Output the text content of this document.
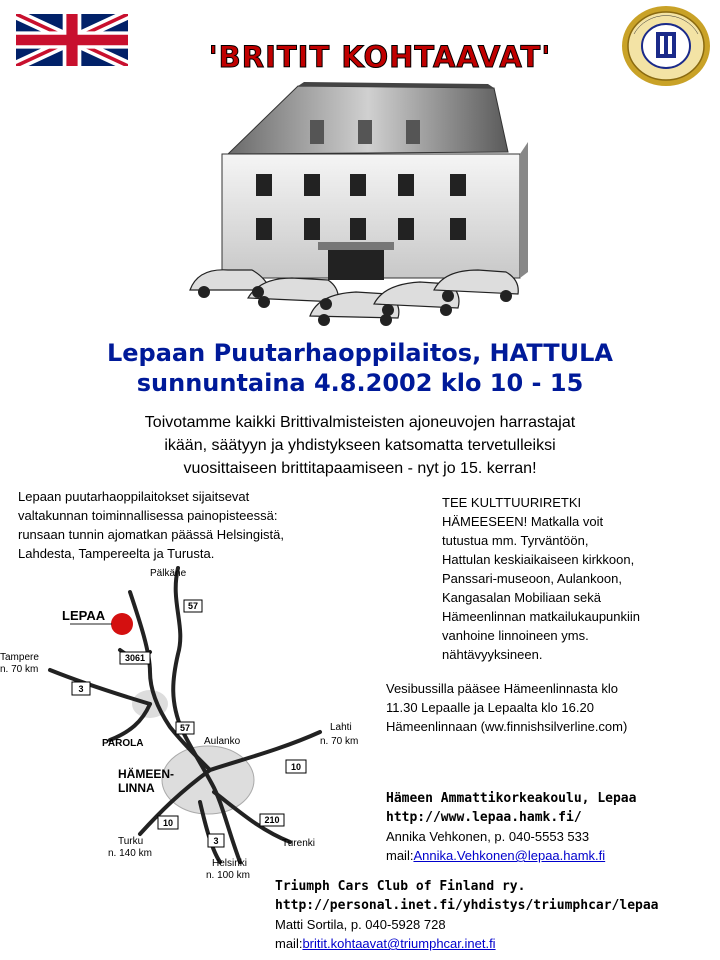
'BRITIT KOHTAAVAT'
Lepaan Puutarhaoppilaitos, HATTULA
sunnuntaina 4.8.2002 klo 10 - 15
Toivotamme kaikki Brittivalmisteisten ajoneuvojen harrastajat
ikään, säätyyn ja yhdistykseen katsomatta tervetulleiksi
vuosittaiseen brittitapaamiseen - nyt jo 15. kerran!
Lepaan puutarhaoppilaitokset sijaitsevat
valtakunnan toiminnallisessa painopisteessä:
runsaan tunnin ajomatkan päässä Helsingistä,
Lahdesta, Tampereelta ja Turusta.
TEE KULTTUURIRETKI
HÄMEESEEN! Matkalla voit
tutustua mm. Tyrväntöön,
Hattulan keskiaikaiseen kirkkoon,
Panssari-museoon, Aulankoon,
Kangasalan Mobiliaan sekä
Hämeenlinnan matkailukaupunkiin
vanhoine linnoineen yms.
nähtävyyksineen.
Vesibussilla pääsee Hämeenlinnasta klo
11.30 Lepaalle ja Lepaalta klo 16.20
Hämeenlinnaan (ww.finnishsilverline.com)
Pälkäne
LEPAA
Tampere
n. 70 km
PAROLA	Aulanko
Lahti
n. 70 km
HÄMEEN-
LINNA
Turku
n. 140 km
Turenki
Helsinki
n. 100 km
57
3061
3
57
10
10	210
3
Hämeen Ammattikorkeakoulu, Lepaa
http://www.lepaa.hamk.fi/
Annika Vehkonen, p. 040-5553 533
mail:Annika.Vehkonen@lepaa.hamk.fi
Triumph Cars Club of Finland ry.
http://personal.inet.fi/yhdistys/triumphcar/lepaa
Matti Sortila, p. 040-5928 728
mail:britit.kohtaavat@triumphcar.inet.fi
